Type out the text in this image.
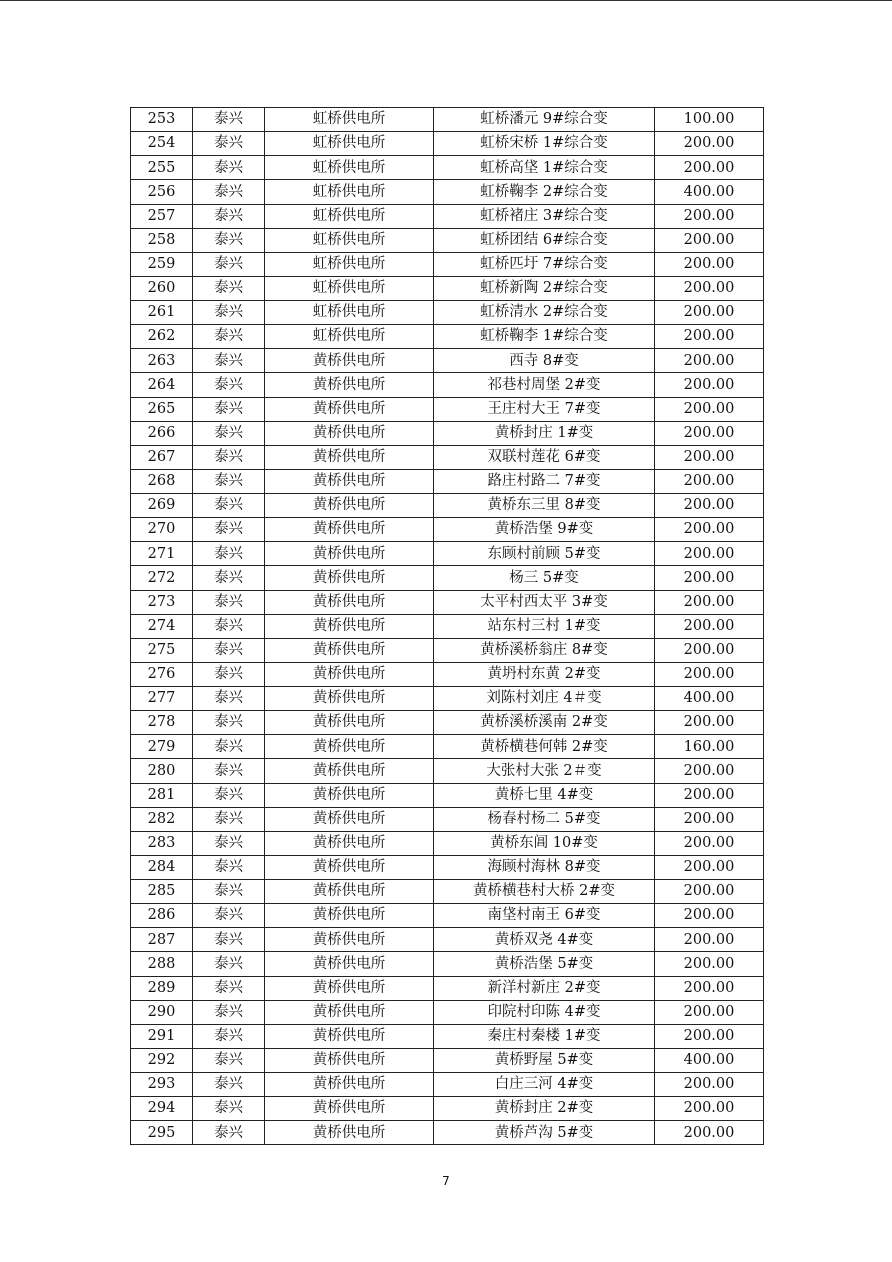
253	泰兴	虹桥供电所	虹桥潘元 9#综合变	100.00
254	泰兴	虹桥供电所	虹桥宋桥 1#综合变	200.00
255	泰兴	虹桥供电所	虹桥高垡 1#综合变	200.00
256	泰兴	虹桥供电所	虹桥鞠李 2#综合变	400.00
257	泰兴	虹桥供电所	虹桥褚庄 3#综合变	200.00
258	泰兴	虹桥供电所	虹桥团结 6#综合变	200.00
259	泰兴	虹桥供电所	虹桥匹圩 7#综合变	200.00
260	泰兴	虹桥供电所	虹桥新陶 2#综合变	200.00
261	泰兴	虹桥供电所	虹桥清水 2#综合变	200.00
262	泰兴	虹桥供电所	虹桥鞠李 1#综合变	200.00
263	泰兴	黄桥供电所	西寺 8#变	200.00
264	泰兴	黄桥供电所	祁巷村周堡 2#变	200.00
265	泰兴	黄桥供电所	王庄村大王 7#变	200.00
266	泰兴	黄桥供电所	黄桥封庄 1#变	200.00
267	泰兴	黄桥供电所	双联村莲花 6#变	200.00
268	泰兴	黄桥供电所	路庄村路二 7#变	200.00
269	泰兴	黄桥供电所	黄桥东三里 8#变	200.00
270	泰兴	黄桥供电所	黄桥浩堡 9#变	200.00
271	泰兴	黄桥供电所	东顾村前顾 5#变	200.00
272	泰兴	黄桥供电所	杨三 5#变	200.00
273	泰兴	黄桥供电所	太平村西太平 3#变	200.00
274	泰兴	黄桥供电所	站东村三村 1#变	200.00
275	泰兴	黄桥供电所	黄桥溪桥翁庄 8#变	200.00
276	泰兴	黄桥供电所	黄坍村东黄 2#变	200.00
277	泰兴	黄桥供电所	刘陈村刘庄 4＃变	400.00
278	泰兴	黄桥供电所	黄桥溪桥溪南 2#变	200.00
279	泰兴	黄桥供电所	黄桥横巷何韩 2#变	160.00
280	泰兴	黄桥供电所	大张村大张 2＃变	200.00
281	泰兴	黄桥供电所	黄桥七里 4#变	200.00
282	泰兴	黄桥供电所	杨春村杨二 5#变	200.00
283	泰兴	黄桥供电所	黄桥东阊 10#变	200.00
284	泰兴	黄桥供电所	海顾村海林 8#变	200.00
285	泰兴	黄桥供电所	黄桥横巷村大桥 2#变	200.00
286	泰兴	黄桥供电所	南垡村南王 6#变	200.00
287	泰兴	黄桥供电所	黄桥双尧 4#变	200.00
288	泰兴	黄桥供电所	黄桥浩堡 5#变	200.00
289	泰兴	黄桥供电所	新洋村新庄 2#变	200.00
290	泰兴	黄桥供电所	印院村印陈 4#变	200.00
291	泰兴	黄桥供电所	秦庄村秦楼 1#变	200.00
292	泰兴	黄桥供电所	黄桥野屋 5#变	400.00
293	泰兴	黄桥供电所	白庄三河 4#变	200.00
294	泰兴	黄桥供电所	黄桥封庄 2#变	200.00
295	泰兴	黄桥供电所	黄桥芦沟 5#变	200.00
7
